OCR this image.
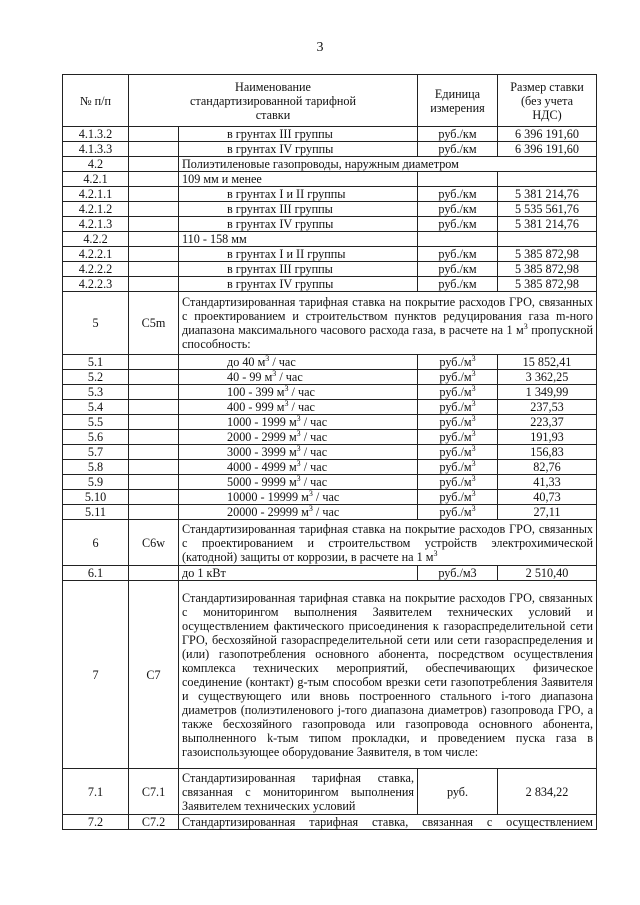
3
№ п/п	Наименование стандартизированной тарифной ставки		Единица измерения	Размер ставки (без учета НДС)

4.1.3.2		в грунтах III группы	руб./км	6 396 191,60
4.1.3.3		в грунтах IV группы	руб./км	6 396 191,60
4.2		Полиэтиленовые газопроводы, наружным диаметром		
4.2.1		109 мм и менее		
4.2.1.1		в грунтах I и II группы	руб./км	5 381 214,76
4.2.1.2		в грунтах III группы	руб./км	5 535 561,76
4.2.1.3		в грунтах IV группы	руб./км	5 381 214,76
4.2.2		110 - 158 мм		
4.2.2.1		в грунтах I и II группы	руб./км	5 385 872,98
4.2.2.2		в грунтах III группы	руб./км	5 385 872,98
4.2.2.3		в грунтах IV группы	руб./км	5 385 872,98
5	C5m	Стандартизированная тарифная ставка на покрытие расходов ГРО, связанных с проектированием и строительством пунктов редуцирования газа m-ного диапазона максимального часового расхода газа, в расчете на 1 $м^3$ пропускной способность:		
5.1		до 40 $м^3$ / час	$руб./м^3$	15 852,41
5.2		40 - 99 $м^3$ / час	$руб./м^3$	3 362,25
5.3		100 - 399 $м^3$ / час	$руб./м^3$	1 349,99
5.4		400 - 999 $м^3$ / час	$руб./м^3$	237,53
5.5		1000 - 1999 $м^3$ / час	$руб./м^3$	223,37
5.6		2000 - 2999 $м^3$ / час	$руб./м^3$	191,93
5.7		3000 - 3999 $м^3$ / час	$руб./м^3$	156,83
5.8		4000 - 4999 $м^3$ / час	$руб./м^3$	82,76
5.9		5000 - 9999 $м^3$ / час	$руб./м^3$	41,33
5.10		10000 - 19999 $м^3$ / час	$руб./м^3$	40,73
5.11		20000 - 29999 $м^3$ / час	$руб./м^3$	27,11
6	C6w	Стандартизированная тарифная ставка на покрытие расходов ГРО, связанных с проектированием и строительством устройств электрохимической (катодной) защиты от коррозии, в расчете на 1 $м^3$
6.1		до 1 кВт	руб./м3	2 510,40
7	C7	Стандартизированная тарифная ставка на покрытие расходов ГРО, связанных с мониторингом выполнения Заявителем технических условий и осуществлением фактического присоединения к газораспределительной сети ГРО, бесхозяйной газораспределительной сети или сети газораспределения и (или) газопотребления основного абонента, посредством осуществления комплекса технических мероприятий, обеспечивающих физическое соединение (контакт) g-тым способом врезки сети газопотребления Заявителя и существующего или вновь построенного стального i-того диапазона диаметров (полиэтиленового j-того диапазона диаметров) газопровода ГРО, а также бесхозяйного газопровода или газопровода основного абонента, выполненного k-тым типом прокладки, и проведением пуска газа в газоиспользующее оборудование Заявителя, в том числе:		
7.1	C7.1	Стандартизированная тарифная ставка, связанная с мониторингом выполнения Заявителем технических условий	руб.	2 834,22
7.2	C7.2	Стандартизированная тарифная ставка, связанная с осуществлением		
